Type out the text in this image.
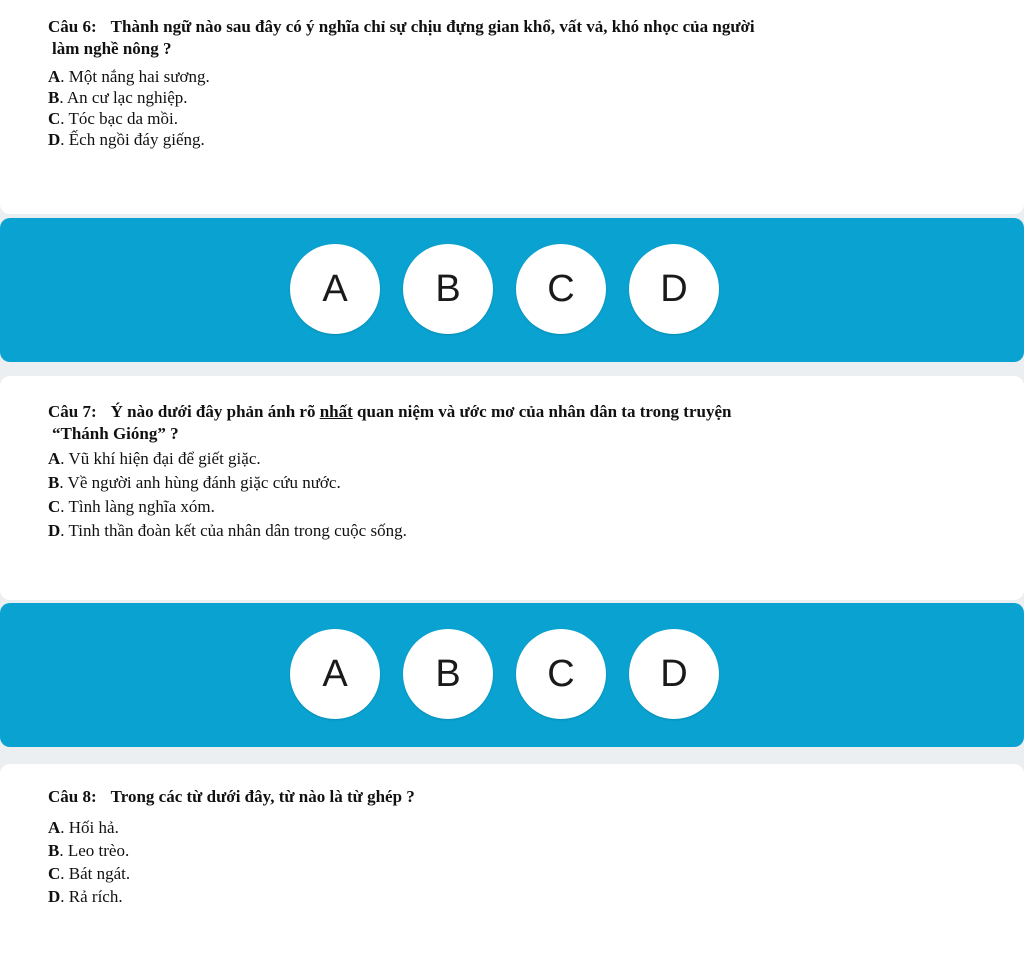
Câu 6: Thành ngữ nào sau đây có ý nghĩa chỉ sự chịu đựng gian khổ, vất vả, khó nhọc của người

làm nghề nông ?

A. Một nắng hai sương.

B. An cư lạc nghiệp.

C. Tóc bạc da mồi.

D. Ếch ngồi đáy giếng.

A	B	C	D

Câu 7: Ý nào dưới đây phản ánh rõ nhất quan niệm và ước mơ của nhân dân ta trong truyện

“Thánh Gióng” ?

A. Vũ khí hiện đại để giết giặc.

B. Về người anh hùng đánh giặc cứu nước.

C. Tình làng nghĩa xóm.

D. Tinh thần đoàn kết của nhân dân trong cuộc sống.

A	B	C	D

Câu 8: Trong các từ dưới đây, từ nào là từ ghép ?

A. Hối hả.

B. Leo trèo.

C. Bát ngát.

D. Rả rích.
